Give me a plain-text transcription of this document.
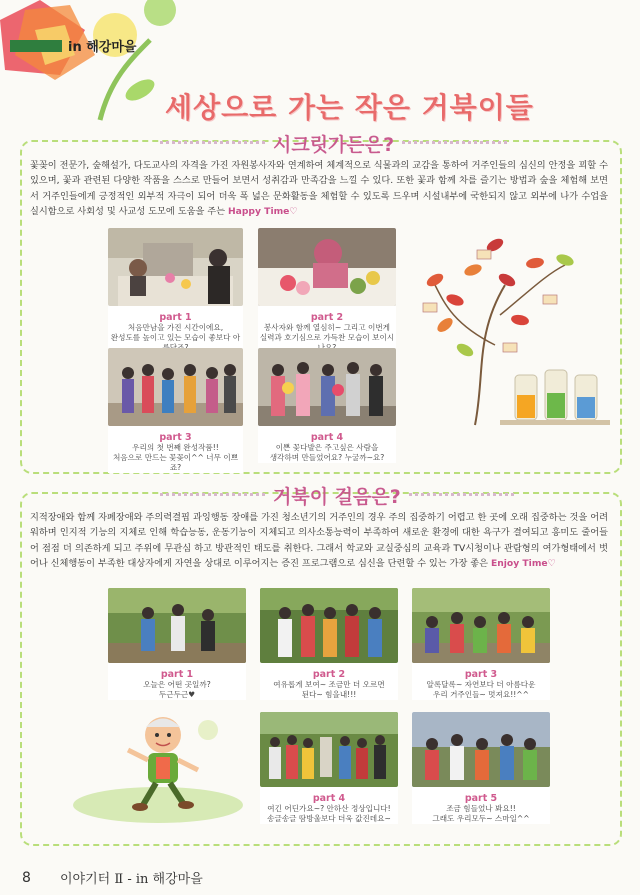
in 해강마을
세상으로 가는 작은 거북이들
시크릿가든은?
꽃꽂이 전문가, 숲해설가, 다도교사의 자격을 가진 자원봉사자와 연계하여 체계적으로 식물과의 교감을 통하여 거주인들의 심신의 안정을 꾀할 수 있으며, 꽃과 관련된 다양한 작품을 스스로 만들어 보면서 성취감과 만족감을 느낄 수 있다. 또한 꽃과 함께 차를 즐기는 방법과 숲을 체험해 보면서 거주인들에게 긍정적인 외부적 자극이 되어 더욱 폭 넓은 문화활동을 체험할 수 있도록 드우며 시설내부에 국한되지 않고 외부에 나가 수업을 실시함으로 사회성 및 사교성 도모에 도움을 주는 Happy Time♡
part 1
처음만남을 가진 시간이에요,
완성도를 높이고 있는 모습이 좋보다 아
part 2
봉사자와 함께 열심히~ 그리고 이번게
실력과 호기심으로 가득찬 모습이 보이시
part 3
우리의 첫 번째 완성작품!!
처음으로 만드는 꽃꽂이^^ 너무 이쁘죠?
part 4
이쁜 꽃다발은 주고싶은 사람을
생각하며 만들었어요? 누굴까~요?
거북이 걸음은?
지적장애와 함께 자폐장애와 주의력결핍 과잉행동 장애를 가진 청소년기의 거주인의 경우 주의 집중하기 어렵고 한 곳에 오래 집중하는 것을 어려워하며 인지적 기능의 지체로 인해 학습능동, 운동기능이 지체되고 의사소통능력이 부족하여 새로운 환경에 대한 욕구가 결여되고 흥미도 줄어들어 점점 더 의존하게 되고 주위에 무관심 하고 방관적인 태도를 취한다. 그래서 학교와 교실중심의 교육과 TV시청이나 관람형의 여가형태에서 벗어나 신체행동이 부족한 대상자에게 자연을 상대로 이루어지는 증진 프로그램으로 심신을 단련할 수 있는 가장 좋은 Enjoy Time♡
part 1
오늘은 어떤 곳일까?
두근두근♥
part 2
여유롭게 보여~ 조금만 더 오르면
된다~ 힘을내!!!
part 3
알록달록~ 자연보다 더 아름다운
우리 거주인들~ 멋져요!!^^
part 4
여긴 어딘가요~? 안하산 정상입니다!
송글송글 땀방울보다 더욱 값진데요~
part 5
조금 힘들었나 봐요!!
그래도 우리모두~ 스마일^^
8 이야기터 Ⅱ - in 해강마을
